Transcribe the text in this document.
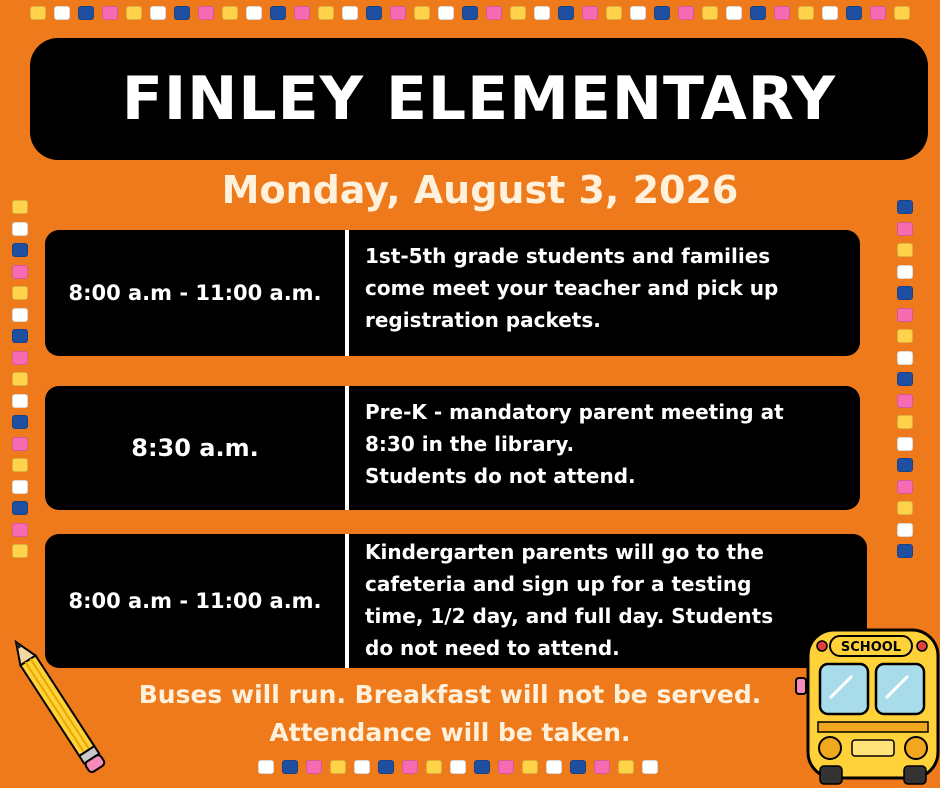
FINLEY ELEMENTARY
Monday, August 3, 2026
8:00 a.m - 11:00 a.m.
1st-5th grade students and families
come meet your teacher and pick up
registration packets.
8:30 a.m.
Pre-K - mandatory parent meeting at
8:30 in the library.
Students do not attend.
8:00 a.m - 11:00 a.m.
Kindergarten parents will go to the
cafeteria and sign up for a testing
time, 1/2 day, and full day. Students
do not need to attend.
Buses will run. Breakfast will not be served.
Attendance will be taken.
SCHOOL
